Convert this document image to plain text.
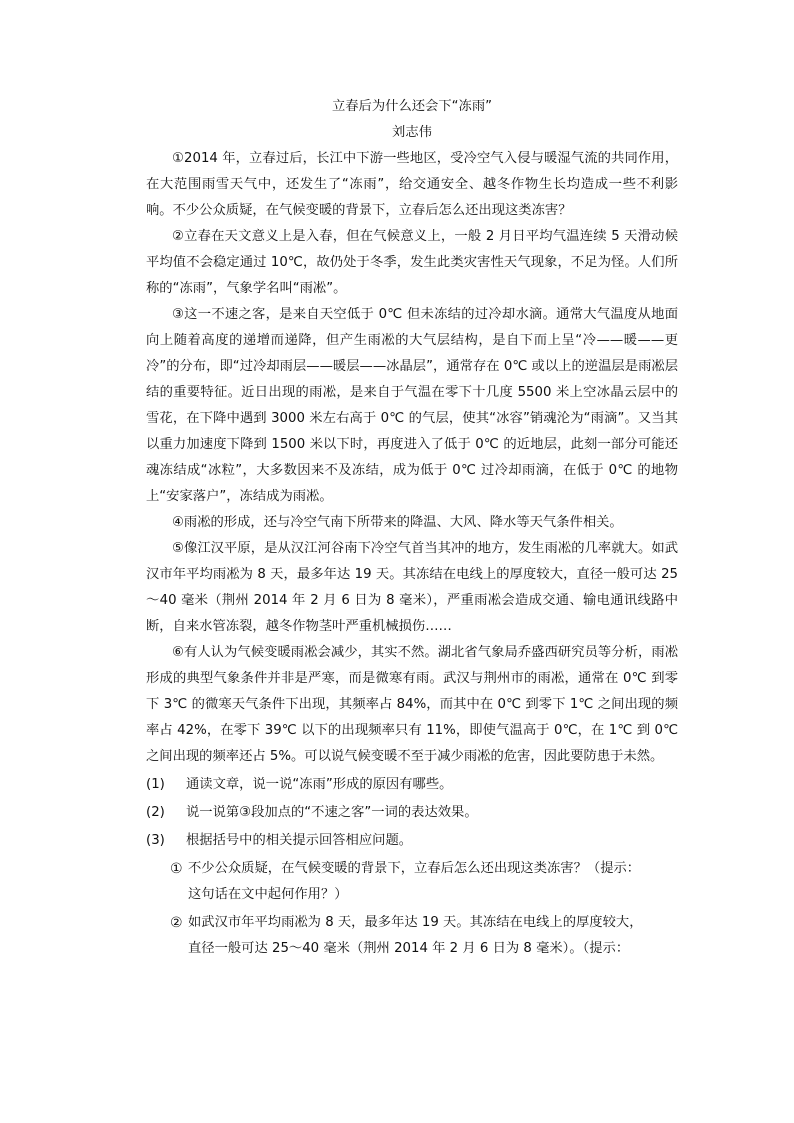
立春后为什么还会下“冻雨”

刘志伟

①2014 年，立春过后，长江中下游一些地区，受冷空气入侵与暖湿气流的共同作用，在大范围雨雪天气中，还发生了“冻雨”，给交通安全、越冬作物生长均造成一些不利影响。不少公众质疑，在气候变暖的背景下，立春后怎么还出现这类冻害？

②立春在天文意义上是入春，但在气候意义上，一般 2 月日平均气温连续 5 天滑动候平均值不会稳定通过 10℃，故仍处于冬季，发生此类灾害性天气现象，不足为怪。人们所称的“冻雨”，气象学名叫“雨凇”。

③这一不速之客，是来自天空低于 0℃ 但未冻结的过冷却水滴。通常大气温度从地面向上随着高度的递增而递降，但产生雨凇的大气层结构，是自下而上呈“冷——暖——更冷”的分布，即“过冷却雨层——暖层——冰晶层”，通常存在 0℃ 或以上的逆温层是雨凇层结的重要特征。近日出现的雨凇，是来自于气温在零下十几度 5500 米上空冰晶云层中的雪花，在下降中遇到 3000 米左右高于 0℃ 的气层，使其“冰容”销魂沦为“雨滴”。又当其以重力加速度下降到 1500 米以下时，再度进入了低于 0℃ 的近地层，此刻一部分可能还魂冻结成“冰粒”，大多数因来不及冻结，成为低于 0℃ 过冷却雨滴，在低于 0℃ 的地物上“安家落户”，冻结成为雨凇。

④雨凇的形成，还与冷空气南下所带来的降温、大风、降水等天气条件相关。

⑤像江汉平原，是从汉江河谷南下冷空气首当其冲的地方，发生雨凇的几率就大。如武汉市年平均雨凇为 8 天，最多年达 19 天。其冻结在电线上的厚度较大，直径一般可达 25～40 毫米（荆州 2014 年 2 月 6 日为 8 毫米），严重雨凇会造成交通、输电通讯线路中断，自来水管冻裂，越冬作物茎叶严重机械损伤……

⑥有人认为气候变暖雨凇会减少，其实不然。湖北省气象局乔盛西研究员等分析，雨凇形成的典型气象条件并非是严寒，而是微寒有雨。武汉与荆州市的雨凇，通常在 0℃ 到零下 3℃ 的微寒天气条件下出现，其频率占 84%，而其中在 0℃ 到零下 1℃ 之间出现的频率占 42%，在零下 39℃ 以下的出现频率只有 11%，即使气温高于 0℃，在 1℃ 到 0℃ 之间出现的频率还占 5%。可以说气候变暖不至于减少雨凇的危害，因此要防患于未然。

(1)	通读文章，说一说“冻雨”形成的原因有哪些。
(2)	说一说第③段加点的“不速之客”一词的表达效果。
(3)	根据括号中的相关提示回答相应问题。
① 不少公众质疑，在气候变暖的背景下，立春后怎么还出现这类冻害？（提示：
这句话在文中起何作用？）
② 如武汉市年平均雨凇为 8 天，最多年达 19 天。其冻结在电线上的厚度较大，
直径一般可达 25～40 毫米（荆州 2014 年 2 月 6 日为 8 毫米）。（提示：
